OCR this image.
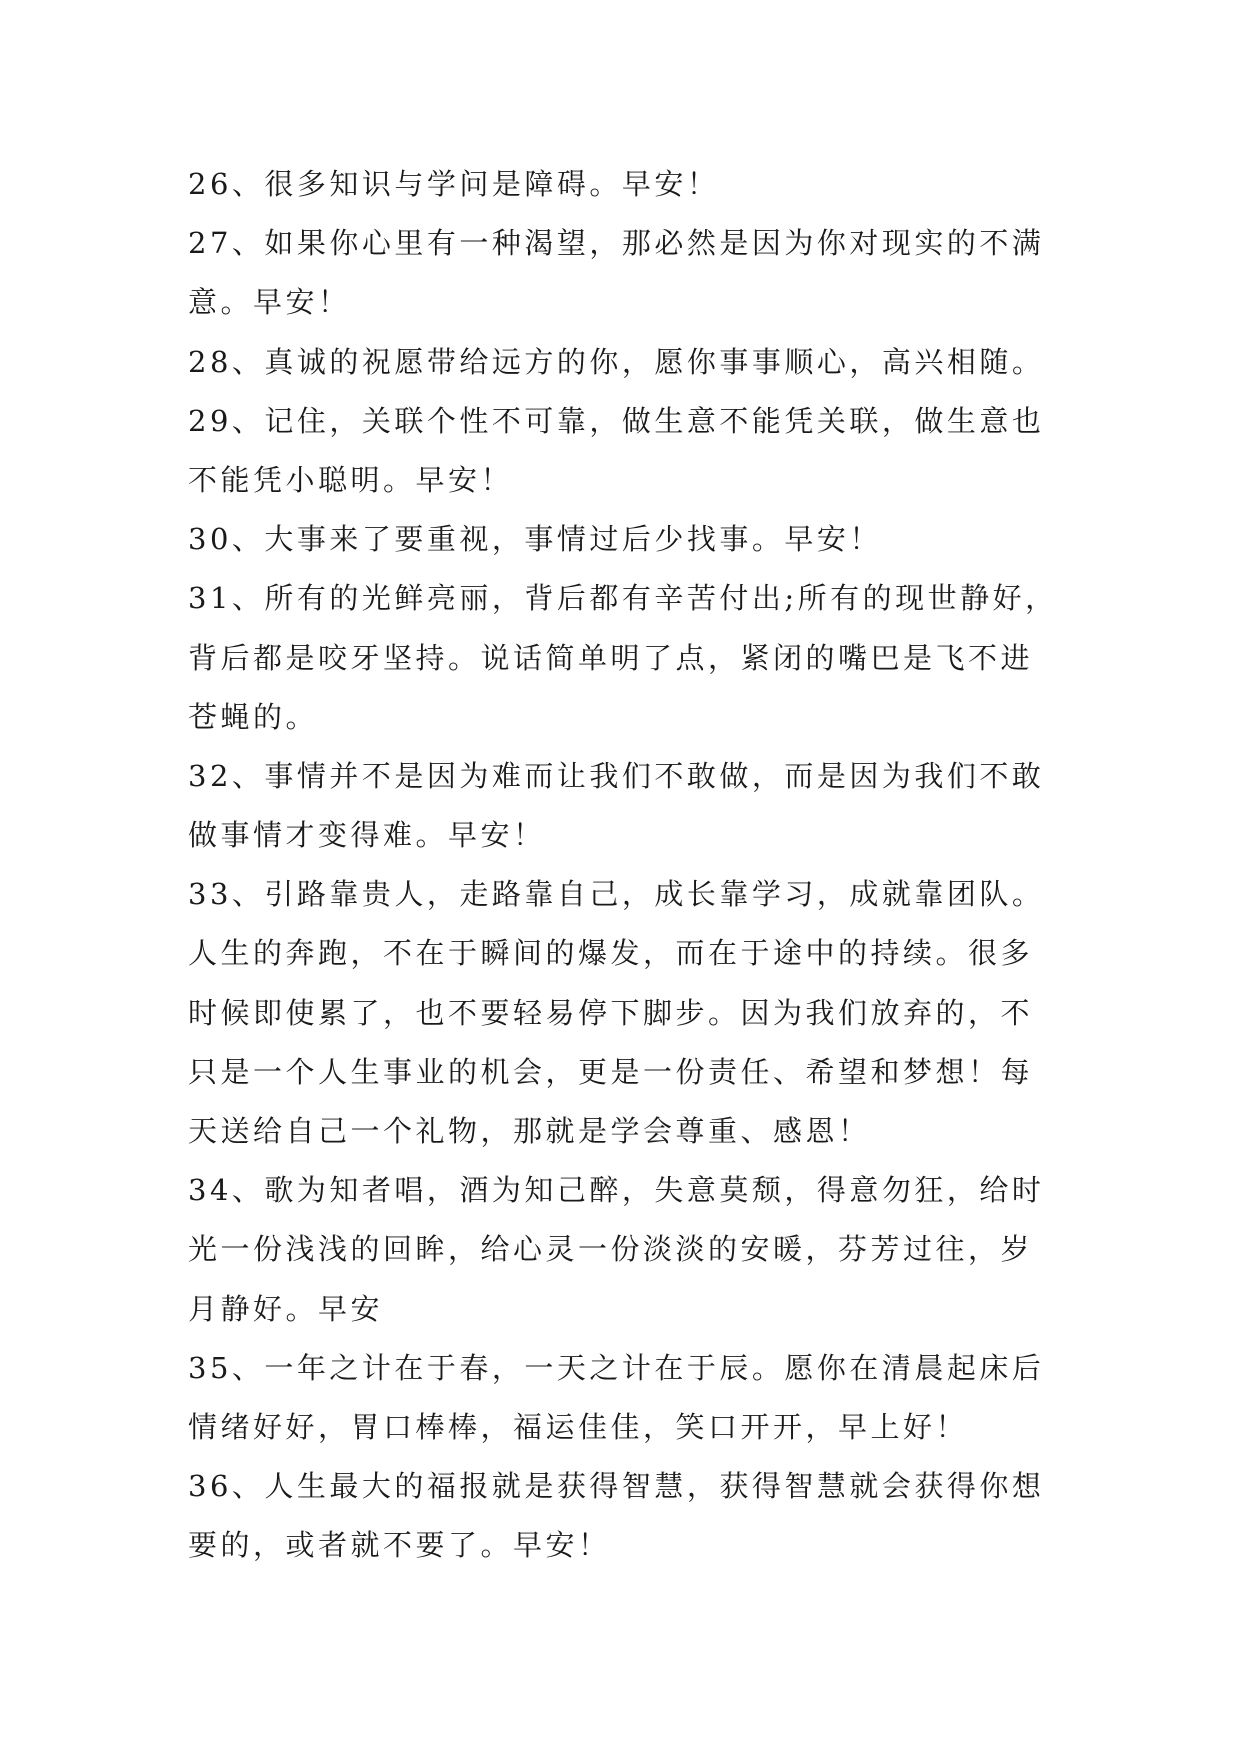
26、很多知识与学问是障碍。早安！

27、如果你心里有一种渴望，那必然是因为你对现实的不满
意。早安！

28、真诚的祝愿带给远方的你，愿你事事顺心，高兴相随。

29、记住，关联个性不可靠，做生意不能凭关联，做生意也
不能凭小聪明。早安！

30、大事来了要重视，事情过后少找事。早安！

31、所有的光鲜亮丽，背后都有辛苦付出;所有的现世静好，
背后都是咬牙坚持。说话简单明了点，紧闭的嘴巴是飞不进
苍蝇的。

32、事情并不是因为难而让我们不敢做，而是因为我们不敢
做事情才变得难。早安！

33、引路靠贵人，走路靠自己，成长靠学习，成就靠团队。
人生的奔跑，不在于瞬间的爆发，而在于途中的持续。很多
时候即使累了，也不要轻易停下脚步。因为我们放弃的，不
只是一个人生事业的机会，更是一份责任、希望和梦想！每
天送给自己一个礼物，那就是学会尊重、感恩！

34、歌为知者唱，酒为知己醉，失意莫颓，得意勿狂，给时
光一份浅浅的回眸，给心灵一份淡淡的安暖，芬芳过往，岁
月静好。早安

35、一年之计在于春，一天之计在于辰。愿你在清晨起床后
情绪好好，胃口棒棒，福运佳佳，笑口开开，早上好！

36、人生最大的福报就是获得智慧，获得智慧就会获得你想
要的，或者就不要了。早安！
